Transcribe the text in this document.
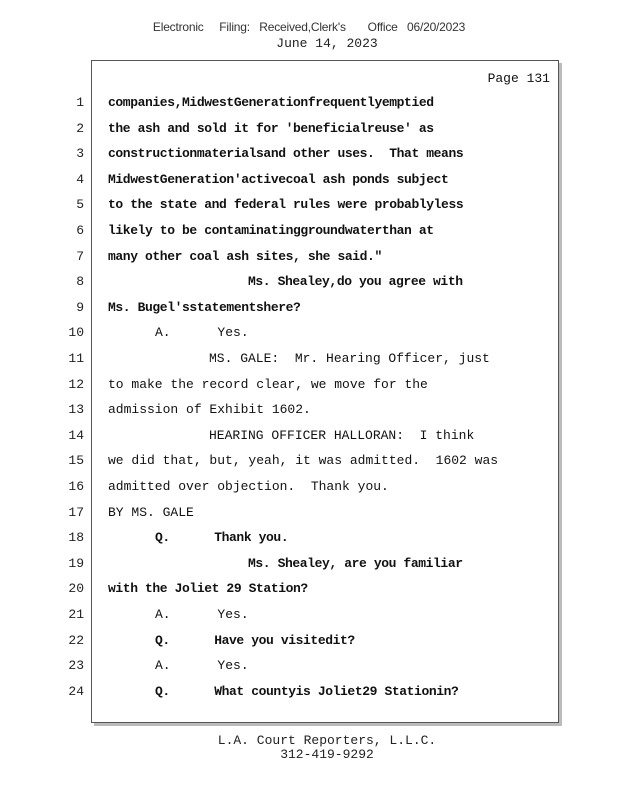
Electronic     Filing:   Received,Clerk's       Office   06/20/2023
June 14, 2023
Page 131
1 companies,MidwestGenerationfrequentlyemptied
2 the ash and sold it for 'beneficialreuse' as
3 constructionmaterialsand other uses.  That means
4 MidwestGeneration'activecoal ash ponds subject
5 to the state and federal rules were probablyless
6 likely to be contaminatinggroundwaterthan at
7 many other coal ash sites, she said."
8	Ms. Shealey,do you agree with
9 Ms. Bugel'sstatementshere?
10	A.      Yes.
11	MS. GALE:  Mr. Hearing Officer, just
12 to make the record clear, we move for the
13 admission of Exhibit 1602.
14	HEARING OFFICER HALLORAN:  I think
15 we did that, but, yeah, it was admitted.  1602 was
16 admitted over objection.  Thank you.
17 BY MS. GALE
18	Q.      Thank you.
19	Ms. Shealey, are you familiar
20 with the Joliet 29 Station?
21	A.      Yes.
22	Q.      Have you visitedit?
23	A.      Yes.
24	Q.      What countyis Joliet29 Stationin?
L.A. Court Reporters, L.L.C.
312-419-9292
